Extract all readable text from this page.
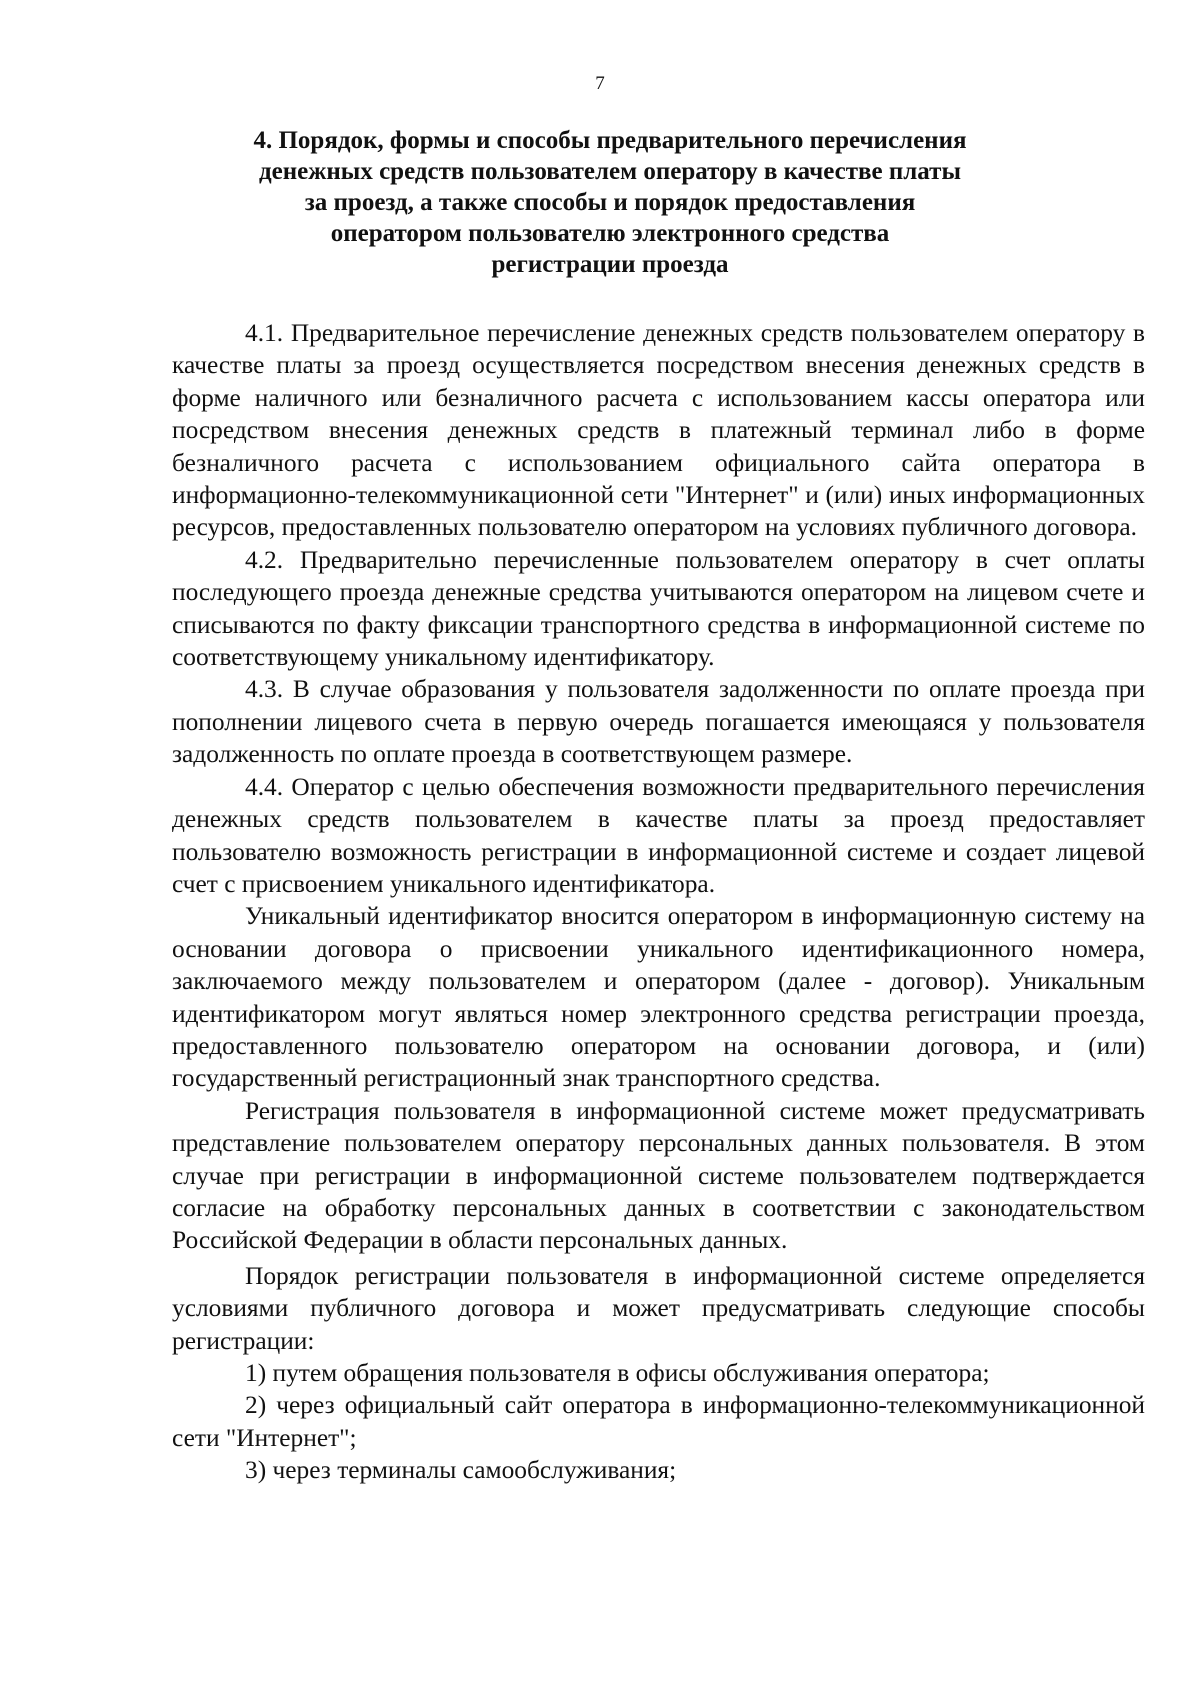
7
4. Порядок, формы и способы предварительного перечисления
денежных средств пользователем оператору в качестве платы
за проезд, а также способы и порядок предоставления
оператором пользователю электронного средства
регистрации проезда

4.1. Предварительное перечисление денежных средств пользователем оператору в качестве платы за проезд осуществляется посредством внесения денежных средств в форме наличного или безналичного расчета с использованием кассы оператора или посредством внесения денежных средств в платежный терминал либо в форме безналичного расчета с использованием официального сайта оператора в информационно-телекоммуникационной сети "Интернет" и (или) иных информационных ресурсов, предоставленных пользователю оператором на условиях публичного договора.

4.2. Предварительно перечисленные пользователем оператору в счет оплаты последующего проезда денежные средства учитываются оператором на лицевом счете и списываются по факту фиксации транспортного средства в информационной системе по соответствующему уникальному идентификатору.

4.3. В случае образования у пользователя задолженности по оплате проезда при пополнении лицевого счета в первую очередь погашается имеющаяся у пользователя задолженность по оплате проезда в соответствующем размере.

4.4. Оператор с целью обеспечения возможности предварительного перечисления денежных средств пользователем в качестве платы за проезд предоставляет пользователю возможность регистрации в информационной системе и создает лицевой счет с присвоением уникального идентификатора.

Уникальный идентификатор вносится оператором в информационную систему на основании договора о присвоении уникального идентификационного номера, заключаемого между пользователем и оператором (далее - договор). Уникальным идентификатором могут являться номер электронного средства регистрации проезда, предоставленного пользователю оператором на основании договора, и (или) государственный регистрационный знак транспортного средства.

Регистрация пользователя в информационной системе может предусматривать представление пользователем оператору персональных данных пользователя. В этом случае при регистрации в информационной системе пользователем подтверждается согласие на обработку персональных данных в соответствии с законодательством Российской Федерации в области персональных данных.

Порядок регистрации пользователя в информационной системе определяется условиями публичного договора и может предусматривать следующие способы регистрации:

1) путем обращения пользователя в офисы обслуживания оператора;

2) через официальный сайт оператора в информационно-телекоммуникационной сети "Интернет";

3) через терминалы самообслуживания;
